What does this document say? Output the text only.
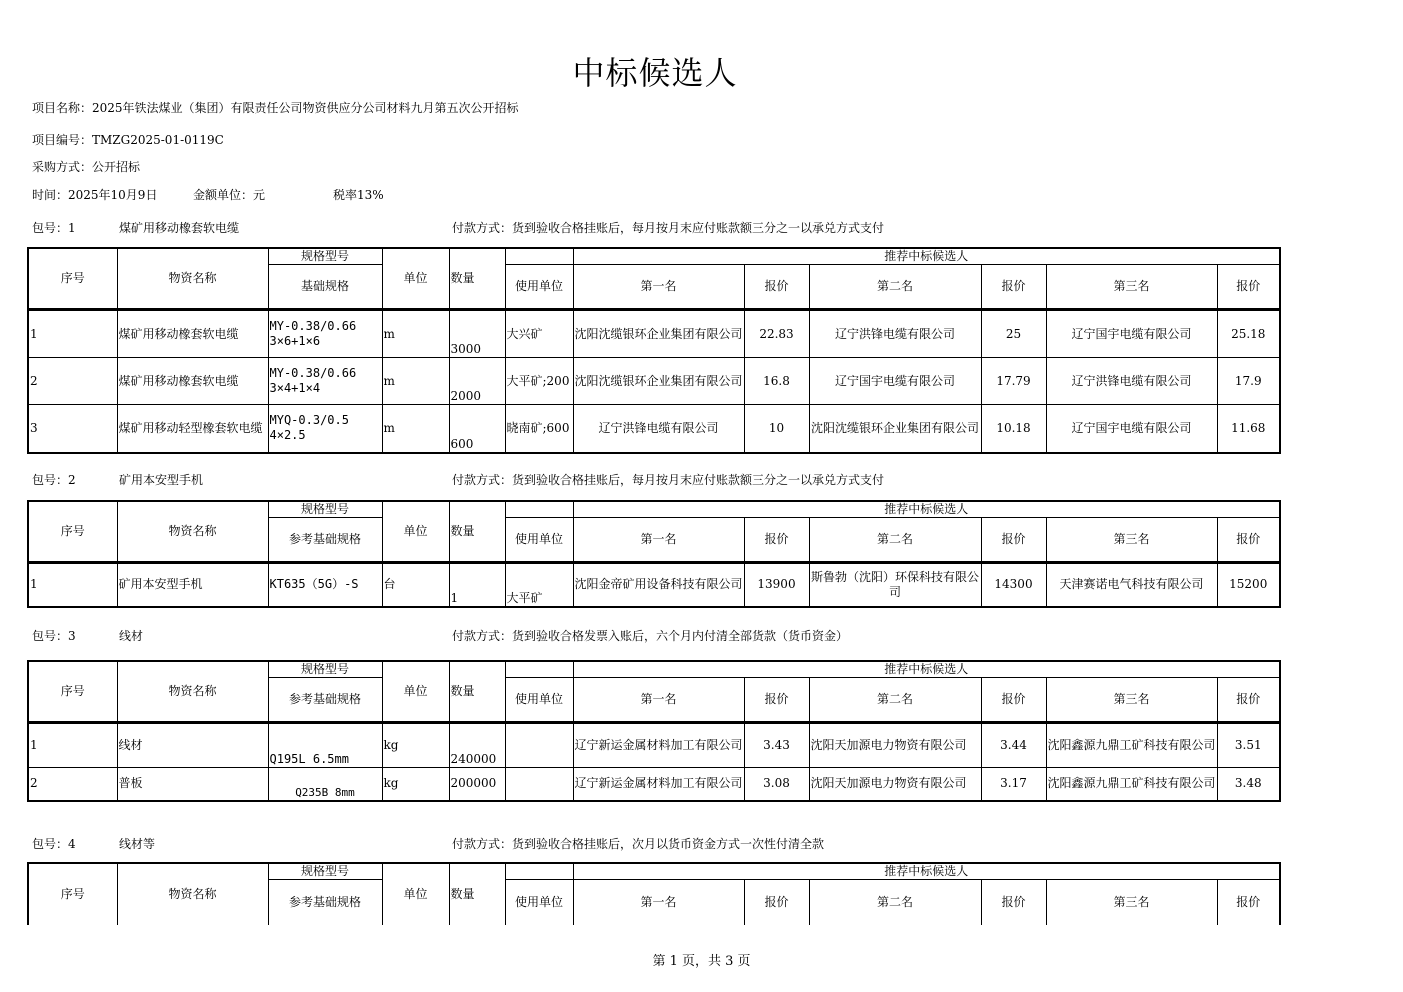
中标候选人
项目名称：2025年铁法煤业（集团）有限责任公司物资供应分公司材料九月第五次公开招标
项目编号：TMZG2025-01-0119C
采购方式：公开招标
时间：2025年10月9日	金额单位：元	税率13%
包号：1	煤矿用移动橡套软电缆	付款方式：货到验收合格挂账后，每月按月末应付账款额三分之一以承兑方式支付
序号	物资名称	规格型号	单位	数量		推荐中标候选人					
		基础规格			使用单位	第一名	报价	第二名	报价	第三名	报价
1	煤矿用移动橡套软电缆	MY-0.38/0.66 3×6+1×6	m	3000	大兴矿	沈阳沈缆银环企业集团有限公司	22.83	辽宁洪锋电缆有限公司	25	辽宁国宇电缆有限公司	25.18
2	煤矿用移动橡套软电缆	MY-0.38/0.66 3×4+1×4	m	2000	大平矿;200	沈阳沈缆银环企业集团有限公司	16.8	辽宁国宇电缆有限公司	17.79	辽宁洪锋电缆有限公司	17.9
3	煤矿用移动轻型橡套软电缆	MYQ-0.3/0.5 4×2.5	m	600	晓南矿;600	辽宁洪锋电缆有限公司	10	沈阳沈缆银环企业集团有限公司	10.18	辽宁国宇电缆有限公司	11.68
包号：2	矿用本安型手机	付款方式：货到验收合格挂账后，每月按月末应付账款额三分之一以承兑方式支付
序号	物资名称	规格型号	单位	数量		推荐中标候选人					
		参考基础规格			使用单位	第一名	报价	第二名	报价	第三名	报价
1	矿用本安型手机	KT635（5G）-S	台	1	大平矿	沈阳金帝矿用设备科技有限公司	13900	斯鲁勃（沈阳）环保科技有限公司	14300	天津赛诺电气科技有限公司	15200
包号：3	线材	付款方式：货到验收合格发票入账后，六个月内付清全部货款（货币资金）
序号	物资名称	规格型号	单位	数量		推荐中标候选人					
		参考基础规格			使用单位	第一名	报价	第二名	报价	第三名	报价
1	线材	Q195L 6.5mm	kg	240000		辽宁新运金属材料加工有限公司	3.43	沈阳天加源电力物资有限公司	3.44	沈阳鑫源九鼎工矿科技有限公司	3.51
2	普板	Q235B 8mm	kg	200000		辽宁新运金属材料加工有限公司	3.08	沈阳天加源电力物资有限公司	3.17	沈阳鑫源九鼎工矿科技有限公司	3.48
包号：4	线材等	付款方式：货到验收合格挂账后，次月以货币资金方式一次性付清全款
序号	物资名称	规格型号	单位	数量		推荐中标候选人					
		参考基础规格			使用单位	第一名	报价	第二名	报价	第三名	报价
第 1 页，共 3 页
